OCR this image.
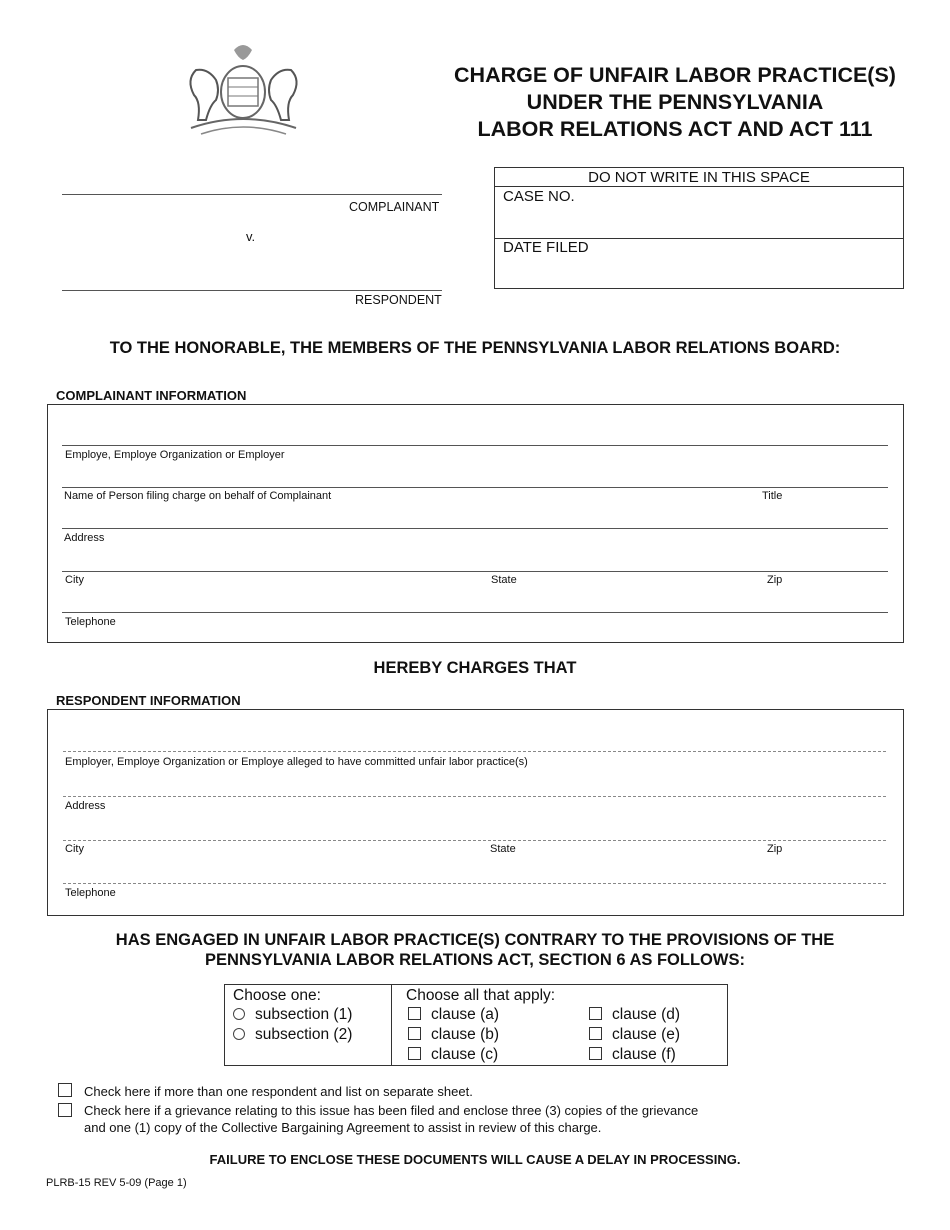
CHARGE OF UNFAIR LABOR PRACTICE(S)
UNDER THE PENNSYLVANIA
LABOR RELATIONS ACT AND ACT 111
COMPLAINANT
v.
RESPONDENT
DO NOT WRITE IN THIS SPACE
CASE NO.
DATE FILED
TO THE HONORABLE, THE MEMBERS OF THE PENNSYLVANIA LABOR RELATIONS BOARD:
COMPLAINANT INFORMATION
Employe, Employe Organization or Employer
Name of Person filing charge on behalf of Complainant	Title
Address
City	State	Zip
Telephone
HEREBY CHARGES THAT
RESPONDENT INFORMATION
Employer, Employe Organization or Employe alleged to have committed unfair labor practice(s)
Address
City	State	Zip
Telephone
HAS ENGAGED IN UNFAIR LABOR PRACTICE(S) CONTRARY TO THE PROVISIONS OF THE
PENNSYLVANIA LABOR RELATIONS ACT, SECTION 6 AS FOLLOWS:
Choose one:
subsection (1)
subsection (2)
Choose all that apply:
clause (a)
clause (b)
clause (c)
clause (d)
clause (e)
clause (f)
Check here if more than one respondent and list on separate sheet.
Check here if a grievance relating to this issue has been filed and enclose three (3) copies of the grievance
and one (1) copy of the Collective Bargaining Agreement to assist in review of this charge.
FAILURE TO ENCLOSE THESE DOCUMENTS WILL CAUSE A DELAY IN PROCESSING.
PLRB-15 REV 5-09 (Page 1)
